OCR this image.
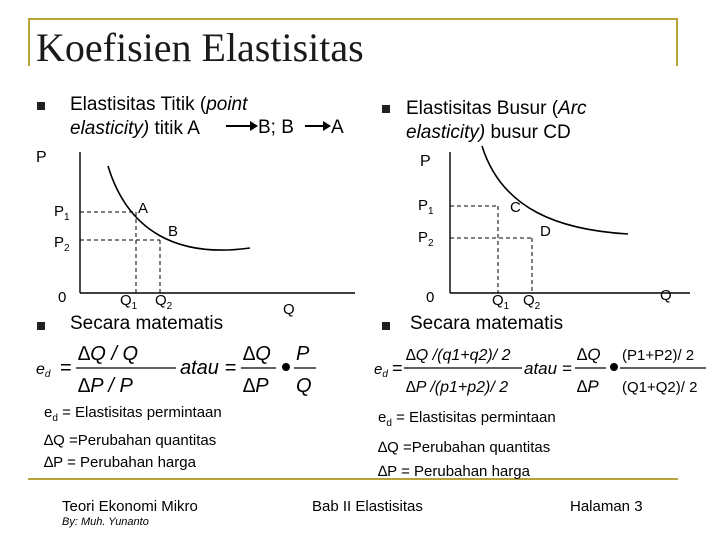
Koefisien Elastisitas
Elastisitas Titik (point
elasticity) titik A	B; B A
Elastisitas Busur (Arc
elasticity) busur CD
P
$P_1$
$P_2$
A
B
0	$Q_1$ $Q_2$	Q
P
$P_1$
$P_2$
C
D
0	$Q_1$ $Q_2$
Q
Secara matematis	Secara matematis
ed =
∆Q / Q
∆P / P
atau =
∆Q
∆P
P
Q
$e_d$ =
∆Q /(q1+q2)/ 2
∆P /(p1+p2)/ 2
atau =
∆Q
∆P
(P1+P2)/ 2
(Q1+Q2)/ 2
$e_d$ = Elastisitas permintaan
∆Q =Perubahan quantitas
∆P = Perubahan harga
$e_d$ = Elastisitas permintaan
∆Q =Perubahan quantitas
∆P = Perubahan harga
Teori Ekonomi Mikro
By: Muh. Yunanto
Bab II Elastisitas	Halaman 3
